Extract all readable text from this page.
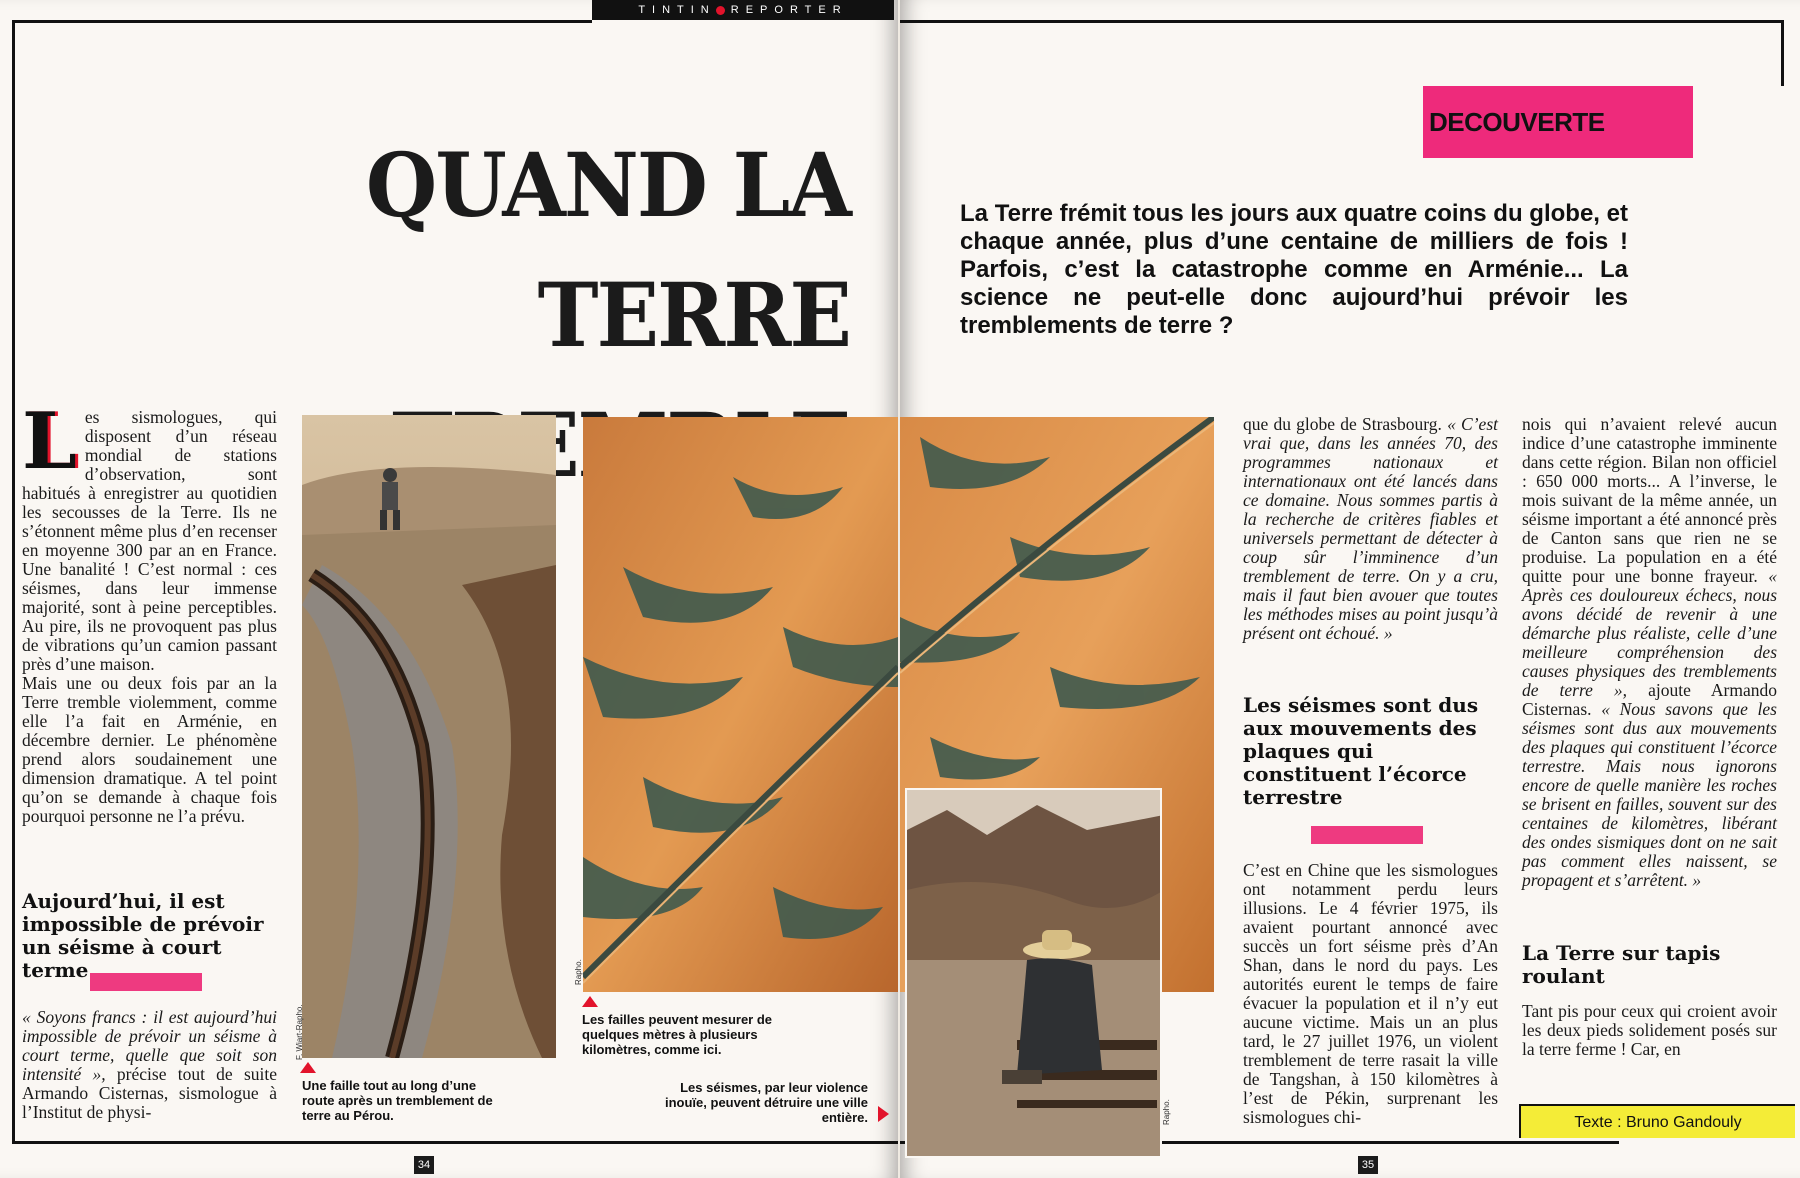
TINTIN REPORTER
QUAND LA TERRE
L es sismologues, qui disposent d’un réseau mondial de stations d’observation, sont habitués à enregistrer au quotidien les secousses de la Terre. Ils ne s’étonnent même plus d’en recenser en moyenne 300 par an en France. Une banalité ! C’est normal : ces séismes, dans leur immense majorité, sont à peine perceptibles. Au pire, ils ne provoquent pas plus de vibrations qu’un camion passant près d’une maison.

Mais une ou deux fois par an la Terre tremble violemment, comme elle l’a fait en Arménie, en décembre dernier. Le phénomène prend alors soudainement une dimension dramatique. A tel point qu’on se demande à chaque fois pourquoi personne ne l’a prévu.

Aujourd’hui, il est impossible de prévoir un séisme à court terme
« Soyons francs : il est aujourd’hui impossible de prévoir un séisme à court terme, quelle que soit son intensité », précise tout de suite Armando Cisternas, sismologue à l’Institut de physi-
F. Wiart-Rapho.
Une faille tout au long d’une route après un tremblement de terre au Pérou.
Rapho.
Les failles peuvent mesurer de quelques mètres à plusieurs kilomètres, comme ici.
Les séismes, par leur violence inouïe, peuvent détruire une ville entière.
34
DECOUVERTE
La Terre frémit tous les jours aux quatre coins du globe, et chaque année, plus d’une centaine de milliers de fois ! Parfois, c’est la catastrophe comme en Arménie... La science ne peut-elle donc aujourd’hui prévoir les tremblements de terre ?
Rapho.
que du globe de Strasbourg. « C’est vrai que, dans les années 70, des programmes nationaux et internationaux ont été lancés dans ce domaine. Nous sommes partis à la recherche de critères fiables et universels permettant de détecter à coup sûr l’imminence d’un tremblement de terre. On y a cru, mais il faut bien avouer que toutes les méthodes mises au point jusqu’à présent ont échoué. »
Les séismes sont dus aux mouvements des plaques qui constituent l’écorce terrestre
C’est en Chine que les sismologues ont notamment perdu leurs illusions. Le 4 février 1975, ils avaient pourtant annoncé avec succès un fort séisme près d’An Shan, dans le nord du pays. Les autorités eurent le temps de faire évacuer la population et il n’y eut aucune victime. Mais un an plus tard, le 27 juillet 1976, un violent tremblement de terre rasait la ville de Tangshan, à 150 kilomètres à l’est de Pékin, surprenant les sismologues chi-
nois qui n’avaient relevé aucun indice d’une catastrophe imminente dans cette région. Bilan non officiel : 650 000 morts... A l’inverse, le mois suivant de la même année, un séisme important a été annoncé près de Canton sans que rien ne se produise. La population en a été quitte pour une bonne frayeur. « Après ces douloureux échecs, nous avons décidé de revenir à une démarche plus réaliste, celle d’une meilleure compréhension des causes physiques des tremblements de terre », ajoute Armando Cisternas. « Nous savons que les séismes sont dus aux mouvements des plaques qui constituent l’écorce terrestre. Mais nous ignorons encore de quelle manière les roches se brisent en failles, souvent sur des centaines de kilomètres, libérant des ondes sismiques dont on ne sait pas comment elles naissent, se propagent et s’arrêtent. »
La Terre sur tapis roulant
Tant pis pour ceux qui croient avoir les deux pieds solidement posés sur la terre ferme ! Car, en
Texte : Bruno Gandouly
35
